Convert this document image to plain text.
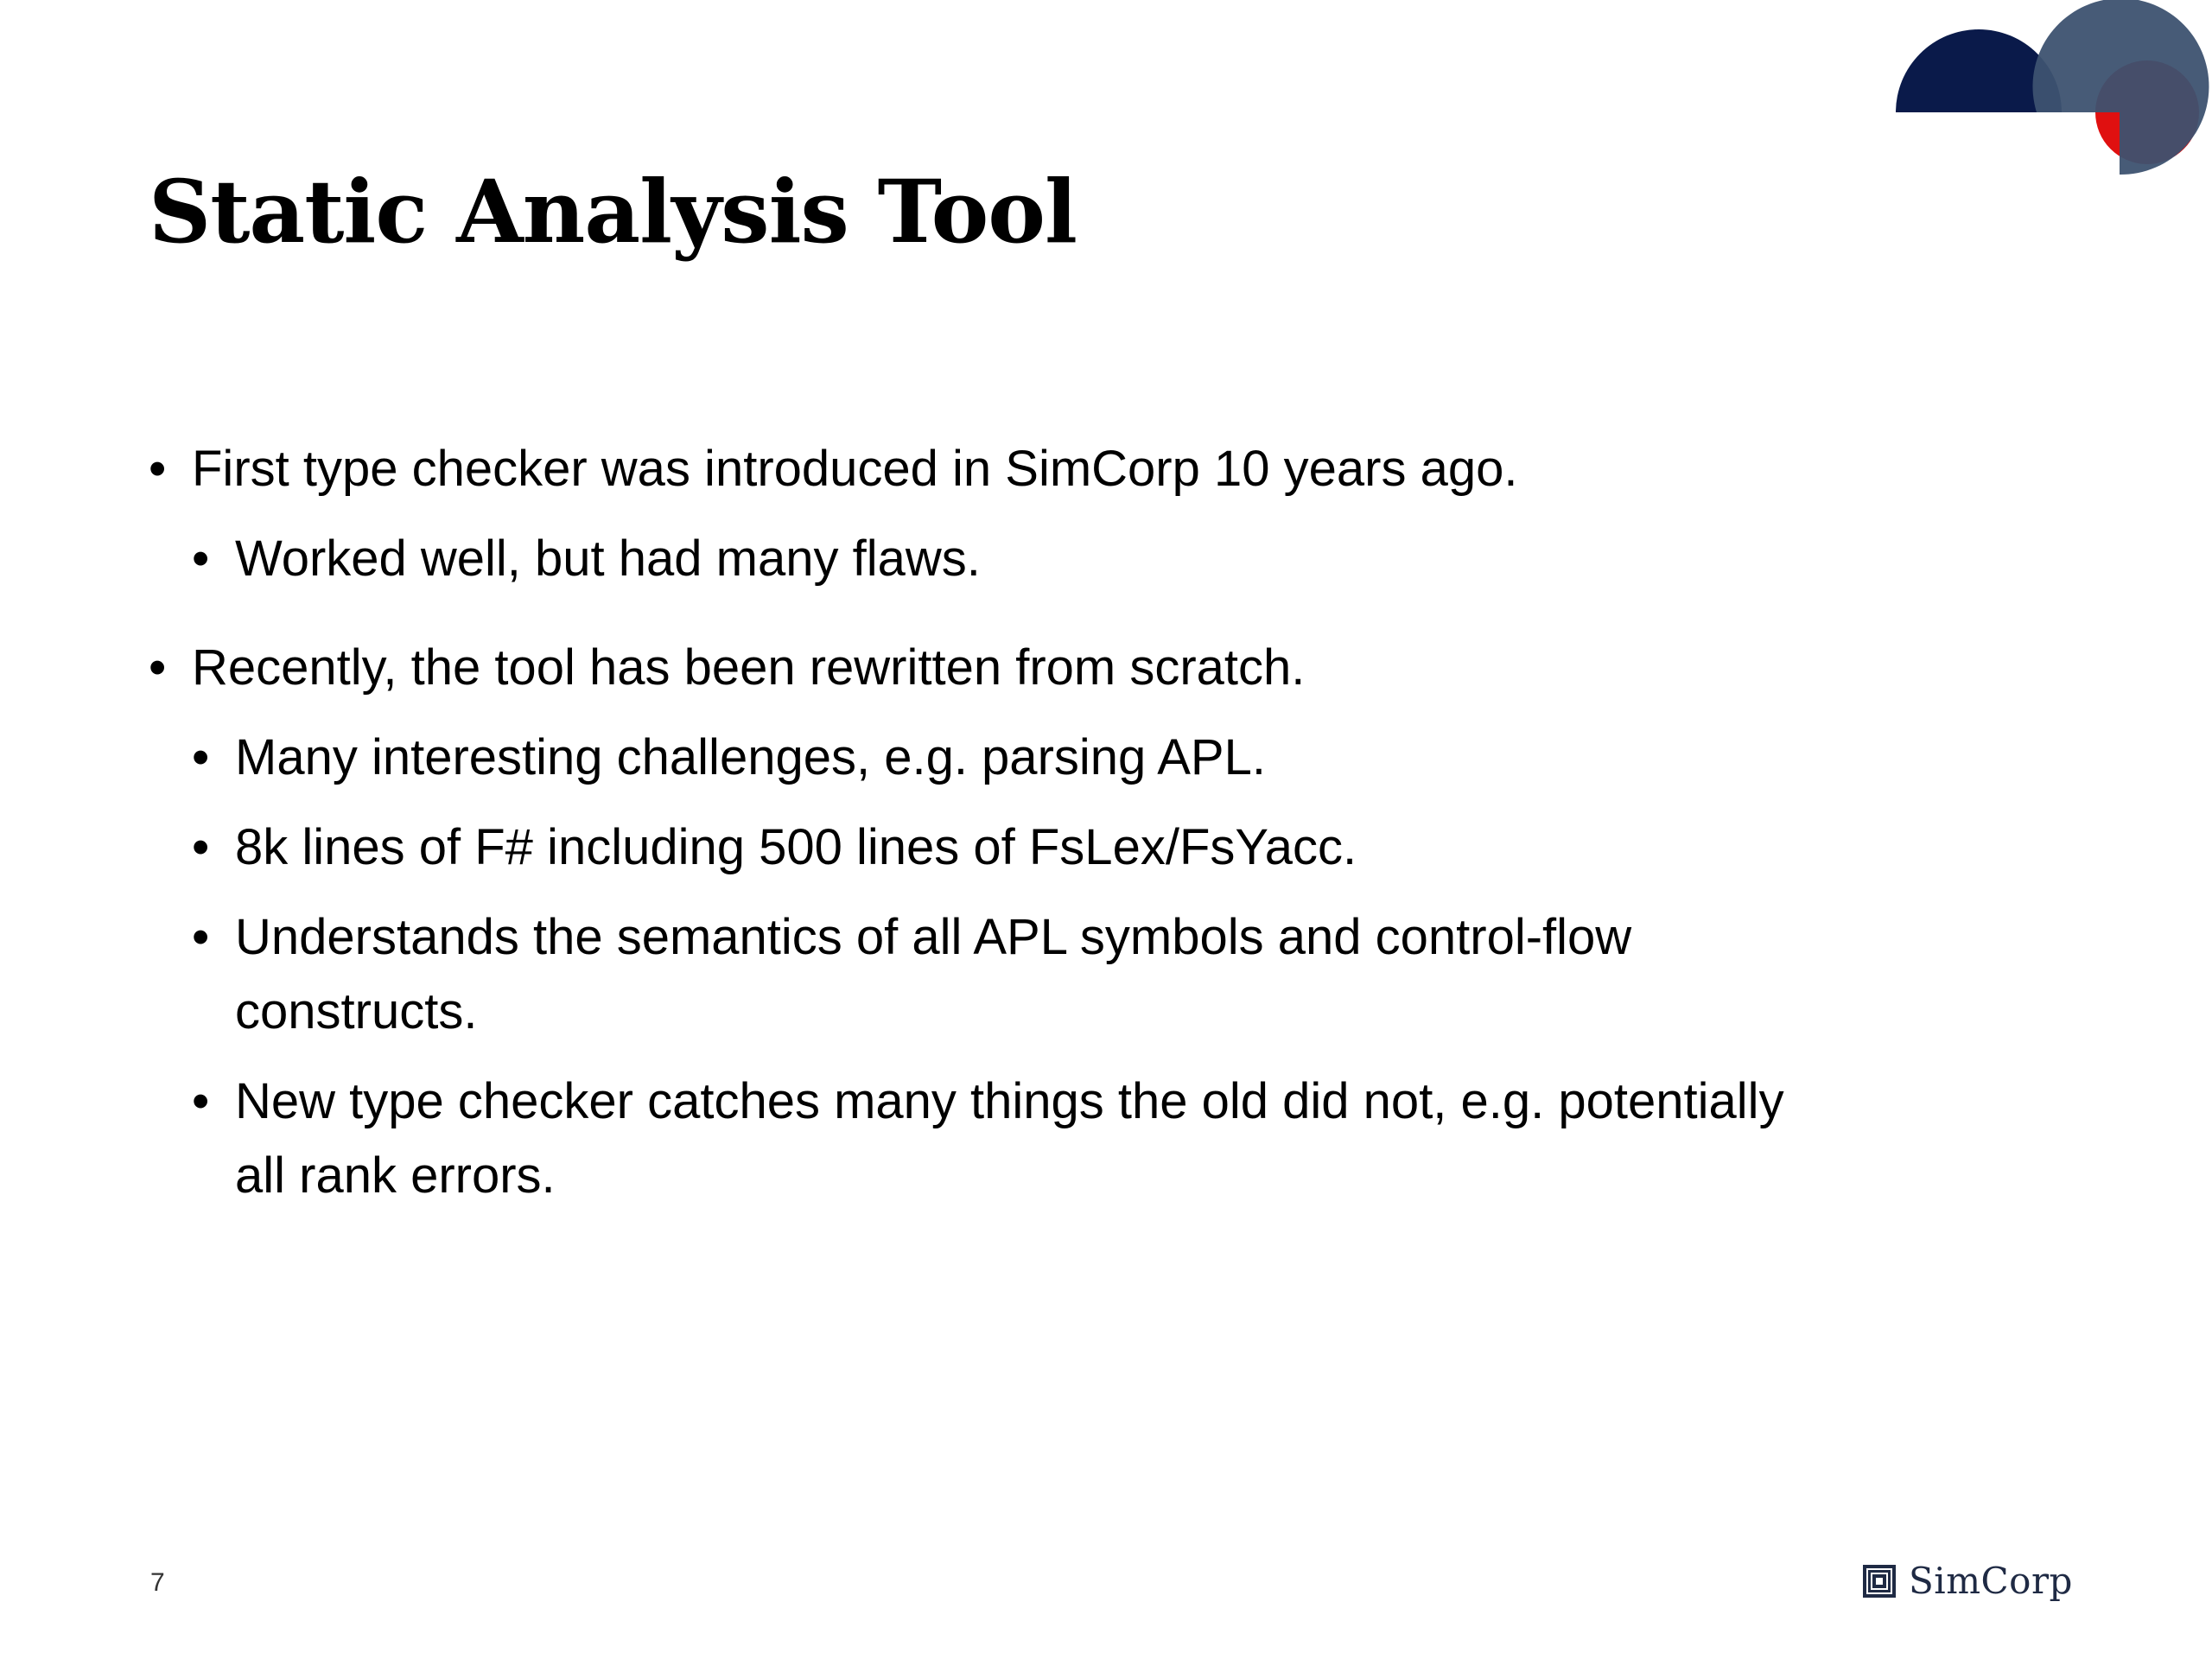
Static Analysis Tool
• First type checker was introduced in SimCorp 10 years ago.
• Worked well, but had many flaws.
• Recently, the tool has been rewritten from scratch.
• Many interesting challenges, e.g. parsing APL.
• 8k lines of F# including 500 lines of FsLex/FsYacc.
• Understands the semantics of all APL symbols and control-flow constructs.
• New type checker catches many things the old did not, e.g. potentially all rank errors.
7	SimCorp
